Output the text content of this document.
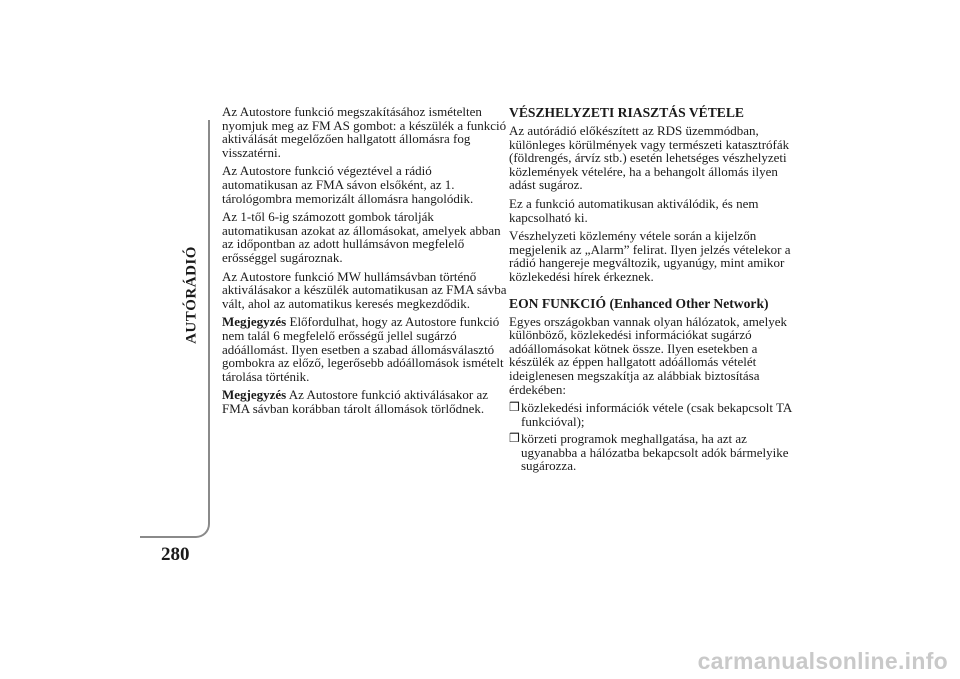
AUTÓRÁDIÓ
280

Az Autostore funkció megszakításához ismételten nyomjuk meg az FM AS gombot: a készülék a funkció aktiválását megelőzően hallgatott állomásra fog visszatérni.

Az Autostore funkció végeztével a rádió automatikusan az FMA sávon elsőként, az 1. tárológombra memorizált állomásra hangolódik.

Az 1-től 6-ig számozott gombok tárolják automatikusan azokat az állomásokat, amelyek abban az időpontban az adott hullámsávon megfelelő erősséggel sugároznak.

Az Autostore funkció MW hullámsávban történő aktiválásakor a készülék automatikusan az FMA sávba vált, ahol az automatikus keresés megkezdődik.

Megjegyzés Előfordulhat, hogy az Autostore funkció nem talál 6 megfelelő erősségű jellel sugárzó adóállomást. Ilyen esetben a szabad állomásválasztó gombokra az előző, legerősebb adóállomások ismételt tárolása történik.

Megjegyzés Az Autostore funkció aktiválásakor az FMA sávban korábban tárolt állomások törlődnek.

VÉSZHELYZETI RIASZTÁS VÉTELE

Az autórádió előkészített az RDS üzemmódban, különleges körülmények vagy természeti katasztrófák (földrengés, árvíz stb.) esetén lehetséges vészhelyzeti közlemények vételére, ha a behangolt állomás ilyen adást sugároz.

Ez a funkció automatikusan aktiválódik, és nem kapcsolható ki.

Vészhelyzeti közlemény vétele során a kijelzőn megjelenik az „Alarm” felirat. Ilyen jelzés vételekor a rádió hangereje megváltozik, ugyanúgy, mint amikor közlekedési hírek érkeznek.

EON FUNKCIÓ (Enhanced Other Network)

Egyes országokban vannak olyan hálózatok, amelyek különböző, közlekedési információkat sugárzó adóállomásokat kötnek össze. Ilyen esetekben a készülék az éppen hallgatott adóállomás vételét ideiglenesen megszakítja az alábbiak biztosítása érdekében:

❒ közlekedési információk vétele (csak bekapcsolt TA funkcióval);
❒ körzeti programok meghallgatása, ha azt az ugyanabba a hálózatba bekapcsolt adók bármelyike sugározza.
carmanualsonline.info
